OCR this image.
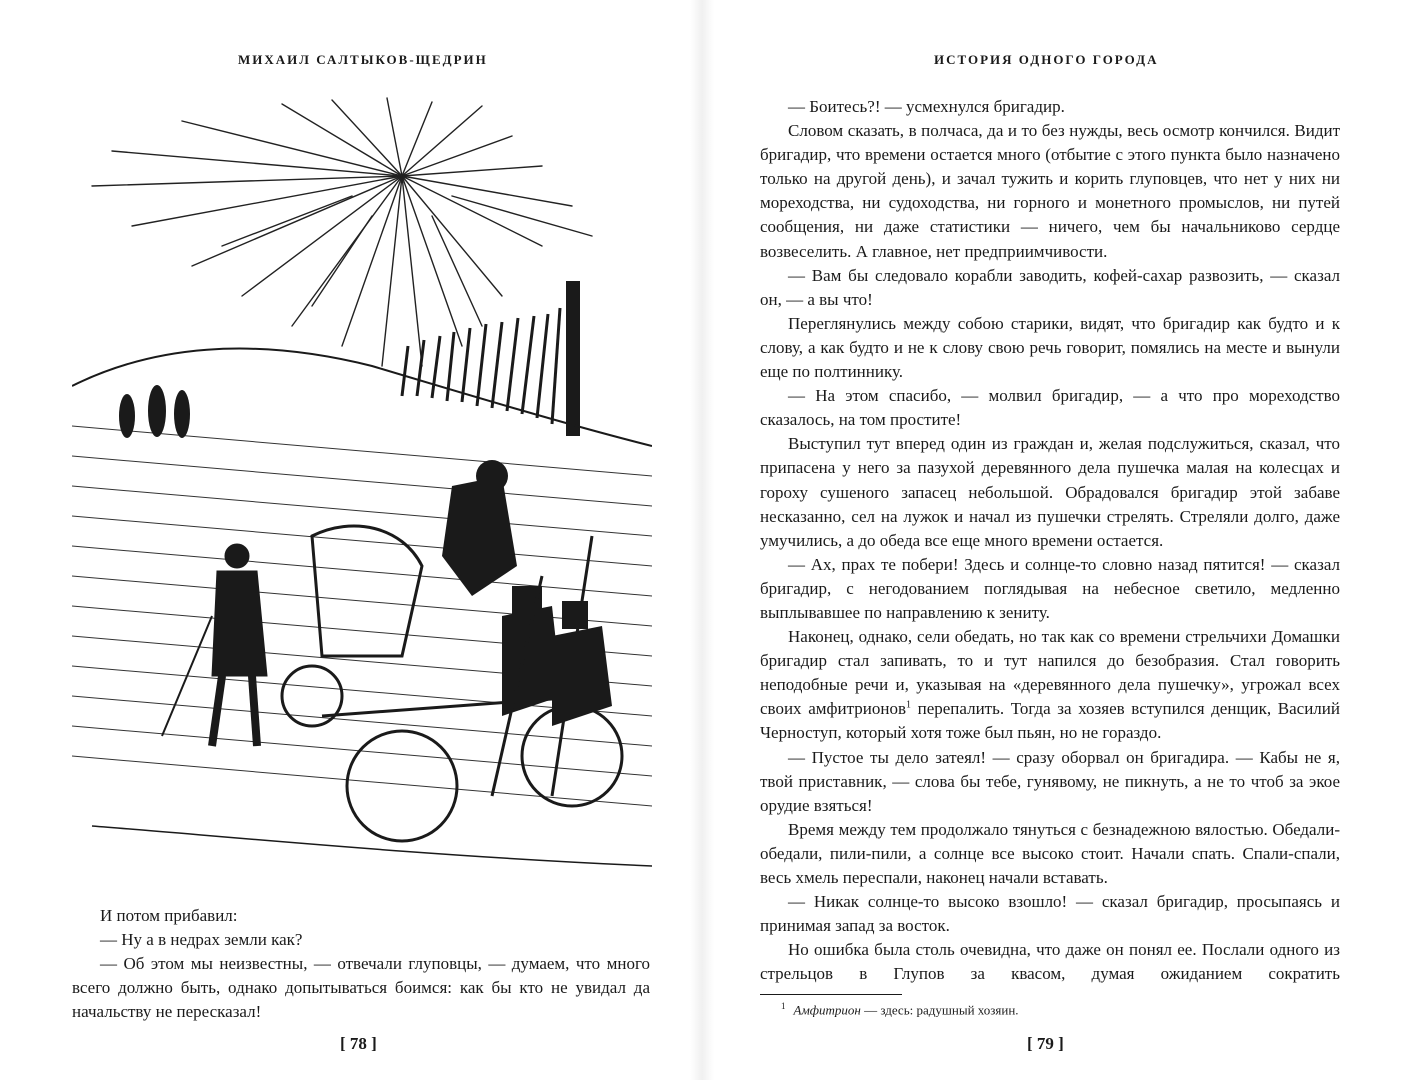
МИХАИЛ САЛТЫКОВ-ЩЕДРИН

И потом прибавил:

— Ну а в недрах земли как?

— Об этом мы неизвестны, — отвечали глуповцы, — думаем, что много всего должно быть, однако допытываться боимся: как бы кто не увидал да начальству не пересказал!

[ 78 ]

ИСТОРИЯ ОДНОГО ГОРОДА

— Боитесь?! — усмехнулся бригадир.

Словом сказать, в полчаса, да и то без нужды, весь осмотр кончился. Видит бригадир, что времени остается много (отбытие с этого пункта было назначено только на другой день), и зачал тужить и корить глуповцев, что нет у них ни мореходства, ни судоходства, ни горного и монетного промыслов, ни путей сообщения, ни даже статистики — ничего, чем бы начальниково сердце возвеселить. А главное, нет предприимчивости.

— Вам бы следовало корабли заводить, кофей-сахар развозить, — сказал он, — а вы что!

Переглянулись между собою старики, видят, что бригадир как будто и к слову, а как будто и не к слову свою речь говорит, помялись на месте и вынули еще по полтиннику.

— На этом спасибо, — молвил бригадир, — а что про мореходство сказалось, на том простите!

Выступил тут вперед один из граждан и, желая подслужиться, сказал, что припасена у него за пазухой деревянного дела пушечка малая на колесцах и гороху сушеного запасец небольшой. Обрадовался бригадир этой забаве несказанно, сел на лужок и начал из пушечки стрелять. Стреляли долго, даже умучились, а до обеда все еще много времени остается.

— Ах, прах те побери! Здесь и солнце-то словно назад пятится! — сказал бригадир, с негодованием поглядывая на небесное светило, медленно выплывавшее по направлению к зениту.

Наконец, однако, сели обедать, но так как со времени стрельчихи Домашки бригадир стал запивать, то и тут напился до безобразия. Стал говорить неподобные речи и, указывая на «деревянного дела пушечку», угрожал всех своих амфитрионов$^1$ перепалить. Тогда за хозяев вступился денщик, Василий Черноступ, который хотя тоже был пьян, но не гораздо.

— Пустое ты дело затеял! — сразу оборвал он бригадира. — Кабы не я, твой приставник, — слова бы тебе, гунявому, не пикнуть, а не то чтоб за экое орудие взяться!

Время между тем продолжало тянуться с безнадежною вялостью. Обедали-обедали, пили-пили, а солнце все высоко стоит. Начали спать. Спали-спали, весь хмель переспали, наконец начали вставать.

— Никак солнце-то высоко взошло! — сказал бригадир, просыпаясь и принимая запад за восток.

Но ошибка была столь очевидна, что даже он понял ее. Послали одного из стрельцов в Глупов за квасом, думая ожиданием сократить

$^1$ Амфитрион — здесь: радушный хозяин.

[ 79 ]
